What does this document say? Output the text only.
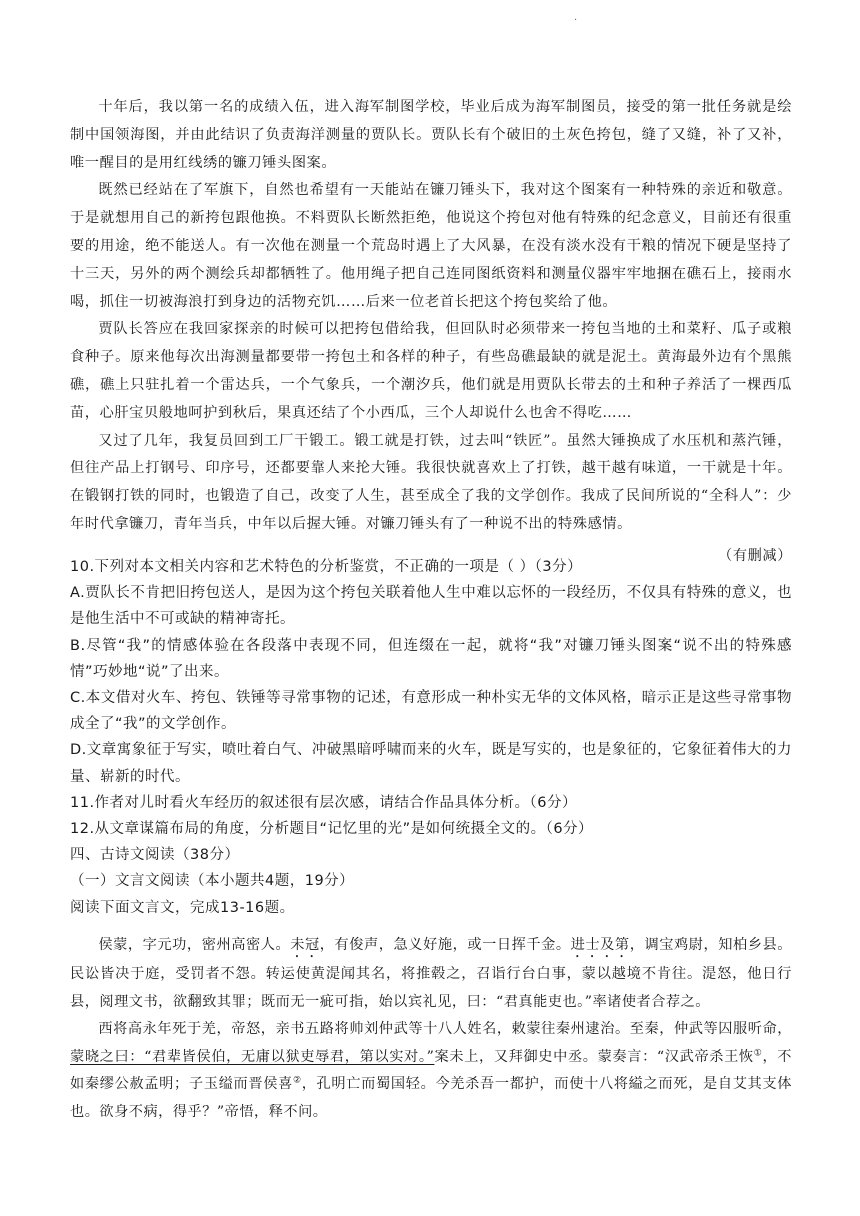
.

十年后，我以第一名的成绩入伍，进入海军制图学校，毕业后成为海军制图员，接受的第一批任务就是绘制中国领海图，并由此结识了负责海洋测量的贾队长。贾队长有个破旧的土灰色挎包，缝了又缝，补了又补，唯一醒目的是用红线绣的镰刀锤头图案。

既然已经站在了军旗下，自然也希望有一天能站在镰刀锤头下，我对这个图案有一种特殊的亲近和敬意。于是就想用自己的新挎包跟他换。不料贾队长断然拒绝，他说这个挎包对他有特殊的纪念意义，目前还有很重要的用途，绝不能送人。有一次他在测量一个荒岛时遇上了大风暴，在没有淡水没有干粮的情况下硬是坚持了十三天，另外的两个测绘兵却都牺牲了。他用绳子把自己连同图纸资料和测量仪器牢牢地捆在礁石上，接雨水喝，抓住一切被海浪打到身边的活物充饥……后来一位老首长把这个挎包奖给了他。

贾队长答应在我回家探亲的时候可以把挎包借给我，但回队时必须带来一挎包当地的土和菜籽、瓜子或粮食种子。原来他每次出海测量都要带一挎包土和各样的种子，有些岛礁最缺的就是泥土。黄海最外边有个黑熊礁，礁上只驻扎着一个雷达兵，一个气象兵，一个潮汐兵，他们就是用贾队长带去的土和种子养活了一棵西瓜苗，心肝宝贝般地呵护到秋后，果真还结了个小西瓜，三个人却说什么也舍不得吃……

又过了几年，我复员回到工厂干锻工。锻工就是打铁，过去叫“铁匠”。虽然大锤换成了水压机和蒸汽锤，但往产品上打钢号、印序号，还都要靠人来抡大锤。我很快就喜欢上了打铁，越干越有味道，一干就是十年。在锻钢打铁的同时，也锻造了自己，改变了人生，甚至成全了我的文学创作。我成了民间所说的“全科人”：少年时代拿镰刀，青年当兵，中年以后握大锤。对镰刀锤头有了一种说不出的特殊感情。

（有删减）

10.下列对本文相关内容和艺术特色的分析鉴赏，不正确的一项是（ ）（3分）

A.贾队长不肯把旧挎包送人，是因为这个挎包关联着他人生中难以忘怀的一段经历，不仅具有特殊的意义，也是他生活中不可或缺的精神寄托。

B.尽管“我”的情感体验在各段落中表现不同，但连缀在一起，就将“我”对镰刀锤头图案“说不出的特殊感情”巧妙地“说”了出来。

C.本文借对火车、挎包、铁锤等寻常事物的记述，有意形成一种朴实无华的文体风格，暗示正是这些寻常事物成全了“我”的文学创作。

D.文章寓象征于写实，喷吐着白气、冲破黑暗呼啸而来的火车，既是写实的，也是象征的，它象征着伟大的力量、崭新的时代。

11.作者对儿时看火车经历的叙述很有层次感，请结合作品具体分析。（6分）

12.从文章谋篇布局的角度，分析题目“记忆里的光”是如何统摄全文的。（6分）

四、古诗文阅读（38分）

（一）文言文阅读（本小题共4题，19分）

阅读下面文言文，完成13-16题。

侯蒙，字元功，密州高密人。未冠，有俊声，急义好施，或一日挥千金。进士及第，调宝鸡尉，知柏乡县。民讼皆决于庭，受罚者不怨。转运使黄湜闻其名，将推毂之，召诣行台白事，蒙以越境不肯往。湜怒，他日行县，阅理文书，欲翻致其罪；既而无一疵可指，始以宾礼见，曰：“君真能吏也。”率诸使者合荐之。

西将高永年死于羌，帝怒，亲书五路将帅刘仲武等十八人姓名，敕蒙往秦州逮治。至秦，仲武等囚服听命，蒙晓之曰：“君辈皆侯伯，无庸以狱吏辱君，第以实对。”案未上，又拜御史中丞。蒙奏言：“汉武帝杀王恢①，不如秦缪公赦孟明；子玉缢而晋侯喜②，孔明亡而蜀国轻。今羌杀吾一都护，而使十八将縊之而死，是自艾其支体也。欲身不病，得乎？”帝悟，释不问。
